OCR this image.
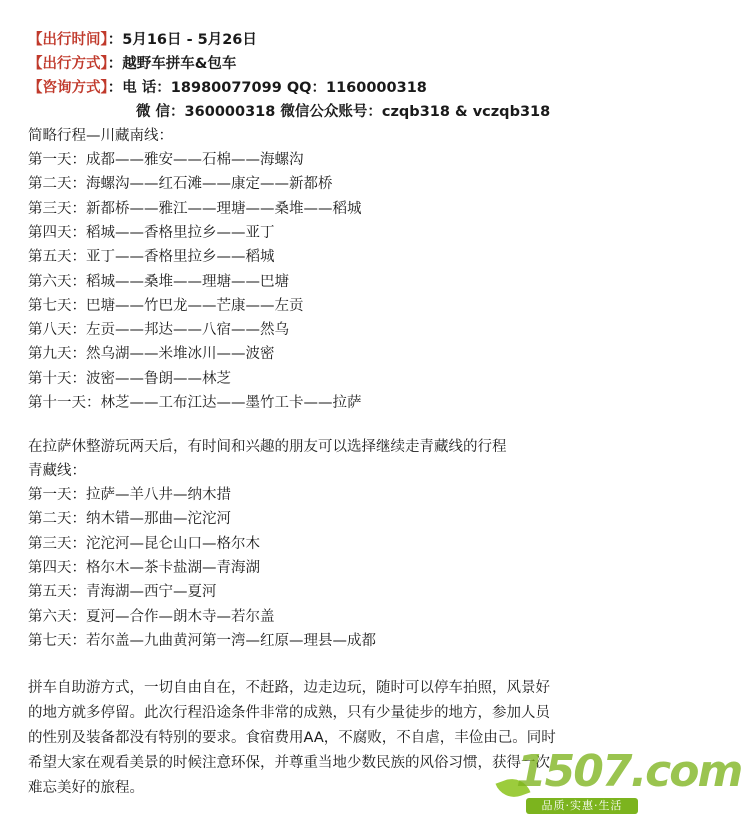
【出行时间】：5月16日 - 5月26日
【出行方式】：越野车拼车&包车
【咨询方式】：电 话：18980077099 QQ：1160000318
微 信：360000318 微信公众账号：czqb318 & vczqb318
简略行程—川藏南线：
第一天：成都——雅安——石棉——海螺沟
第二天：海螺沟——红石滩——康定——新都桥
第三天：新都桥——雅江——理塘——桑堆——稻城
第四天：稻城——香格里拉乡——亚丁
第五天：亚丁——香格里拉乡——稻城
第六天：稻城——桑堆——理塘——巴塘
第七天：巴塘——竹巴龙——芒康——左贡
第八天：左贡——邦达——八宿——然乌
第九天：然乌湖——米堆冰川——波密
第十天：波密——鲁朗——林芝
第十一天：林芝——工布江达——墨竹工卡——拉萨
在拉萨休整游玩两天后，有时间和兴趣的朋友可以选择继续走青藏线的行程
青藏线：
第一天：拉萨—羊八井—纳木措
第二天：纳木错—那曲—沱沱河
第三天：沱沱河—昆仑山口—格尔木
第四天：格尔木—茶卡盐湖—青海湖
第五天：青海湖—西宁—夏河
第六天：夏河—合作—朗木寺—若尔盖
第七天：若尔盖—九曲黄河第一湾—红原—理县—成都

拼车自助游方式，一切自由自在，不赶路，边走边玩，随时可以停车拍照，风景好

的地方就多停留。此次行程沿途条件非常的成熟，只有少量徒步的地方，参加人员

的性别及装备都没有特别的要求。食宿费用AA，不腐败，不自虐，丰俭由己。同时

希望大家在观看美景的时候注意环保，并尊重当地少数民族的风俗习惯，获得一次

难忘美好的旅程。	1507.com
品质·实惠·生活
